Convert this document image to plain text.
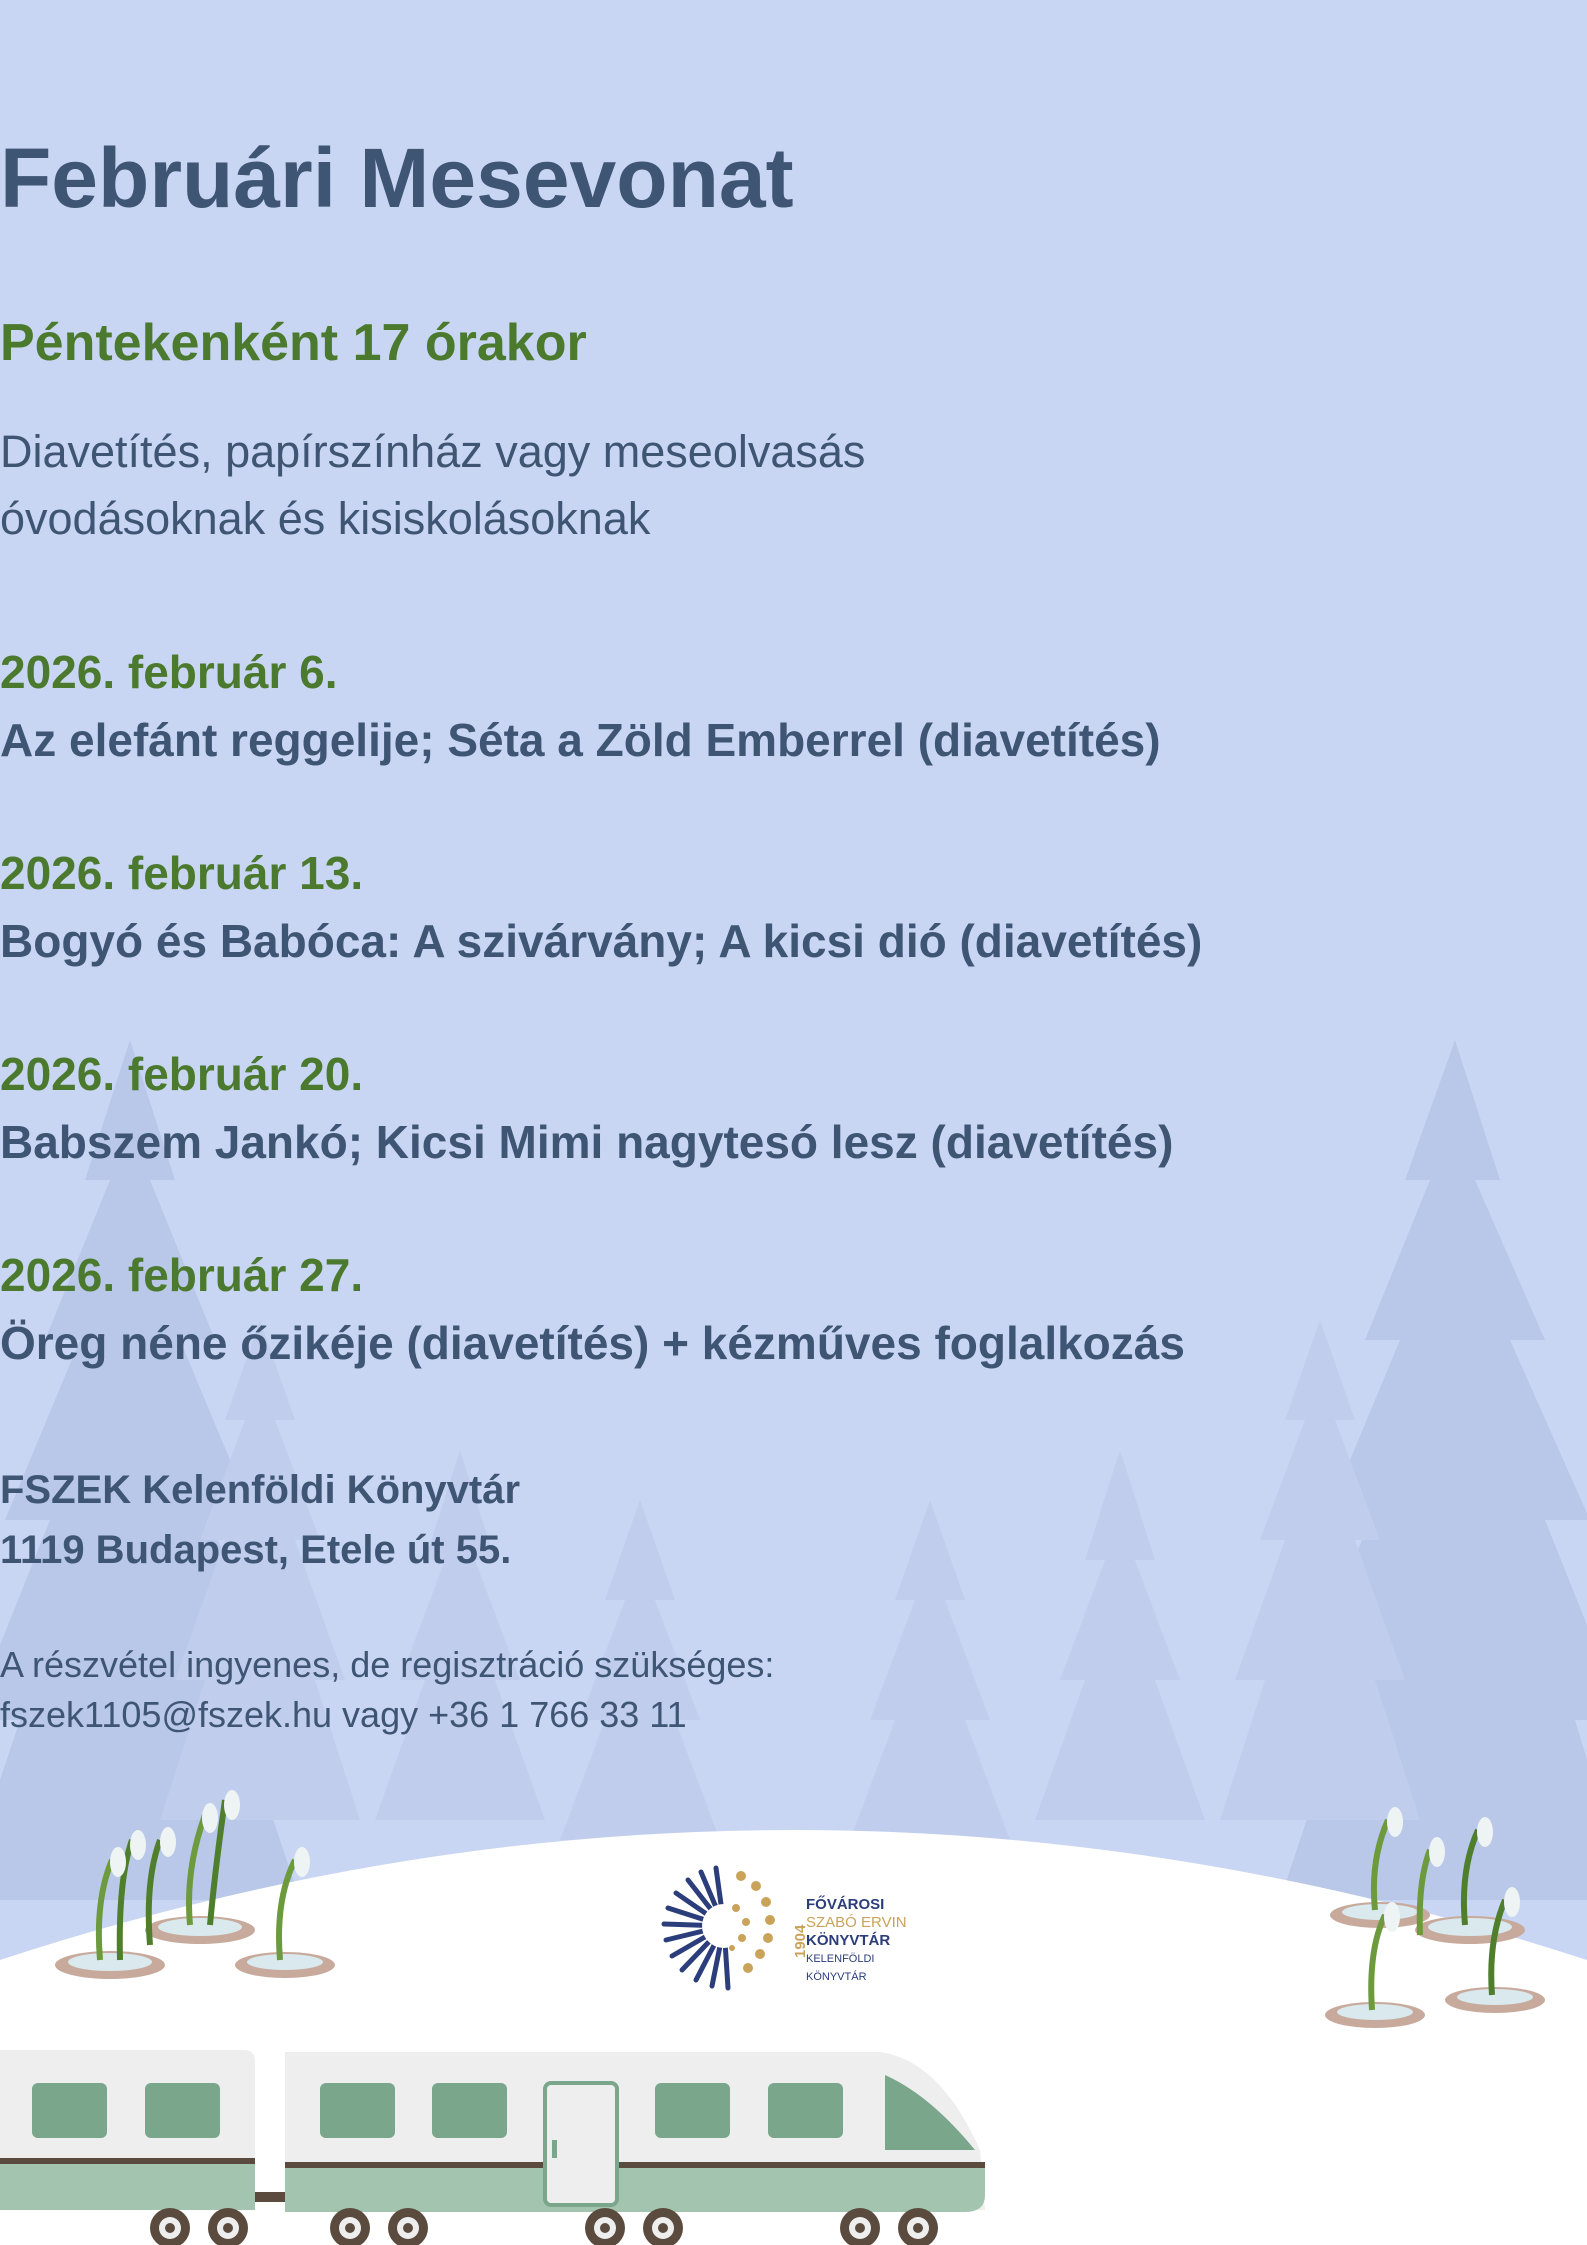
Februári Mesevonat
Péntekenként 17 órakor
Diavetítés, papírszínház vagy meseolvasás
óvodásoknak és kisiskolásoknak
2026. február 6.
Az elefánt reggelije; Séta a Zöld Emberrel (diavetítés)
2026. február 13.
Bogyó és Babóca: A szivárvány; A kicsi dió (diavetítés)
2026. február 20.
Babszem Jankó; Kicsi Mimi nagytesó lesz (diavetítés)
2026. február 27.
Öreg néne őzikéje (diavetítés) + kézműves foglalkozás
FSZEK Kelenföldi Könyvtár
1119 Budapest, Etele út 55.
A részvétel ingyenes, de regisztráció szükséges:
fszek1105@fszek.hu vagy +36 1 766 33 11
1904
FŐVÁROSI
SZABÓ ERVIN
KÖNYVTÁR
KELENFÖLDI KÖNYVTÁR
